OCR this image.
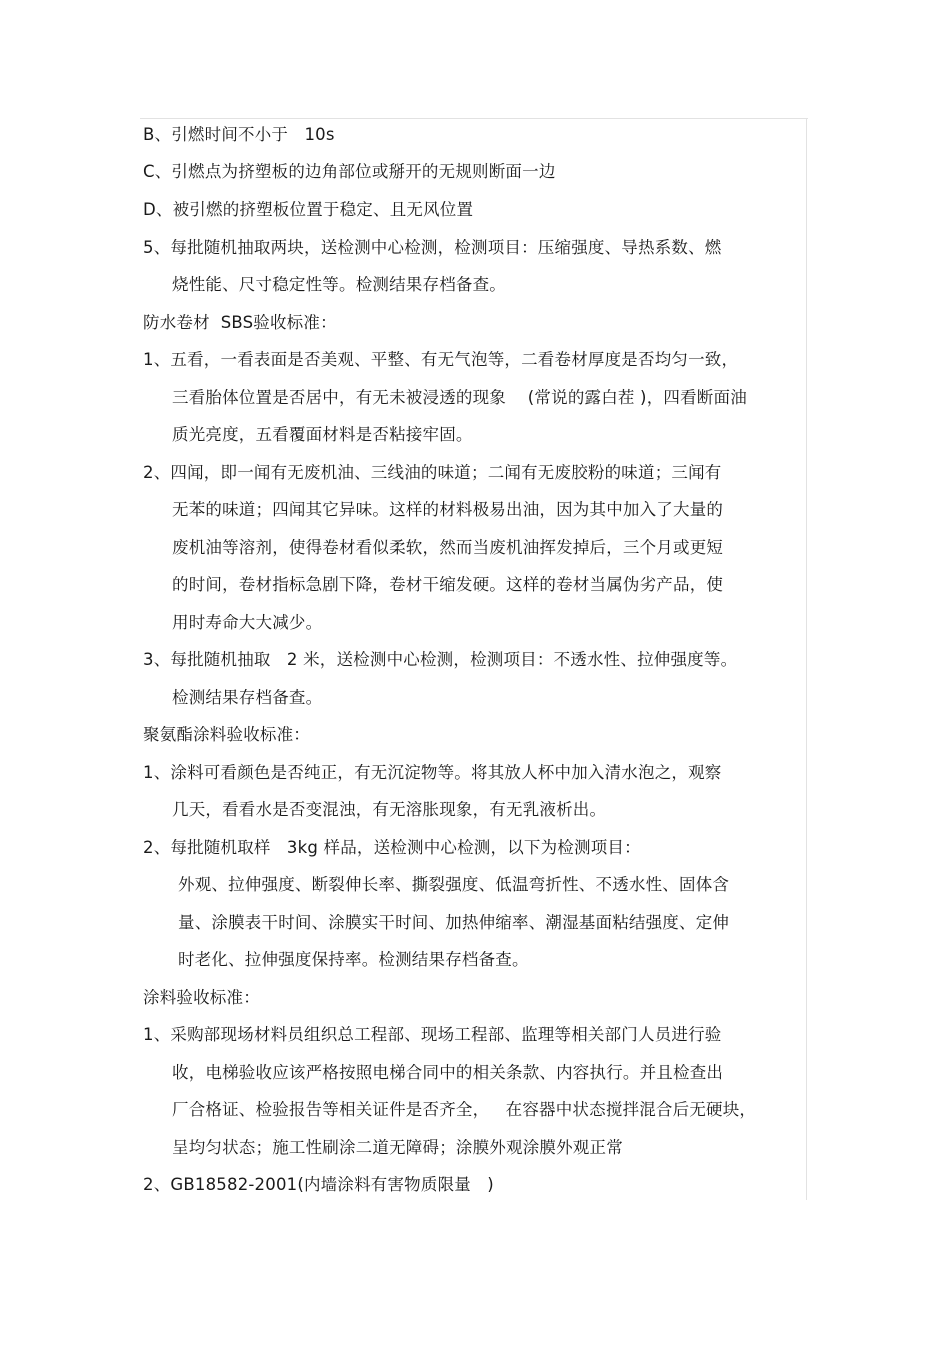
B、引燃时间不小于   10s
C、引燃点为挤塑板的边角部位或掰开的无规则断面一边
D、被引燃的挤塑板位置于稳定、且无风位置
5、每批随机抽取两块，送检测中心检测，检测项目：压缩强度、导热系数、燃
烧性能、尺寸稳定性等。检测结果存档备查。
防水卷材  SBS验收标准：
1、五看，一看表面是否美观、平整、有无气泡等，二看卷材厚度是否均匀一致，
三看胎体位置是否居中，有无未被浸透的现象    (常说的露白茬 )，四看断面油
质光亮度，五看覆面材料是否粘接牢固。
2、四闻，即一闻有无废机油、三线油的味道；二闻有无废胶粉的味道；三闻有
无苯的味道；四闻其它异味。这样的材料极易出油，因为其中加入了大量的
废机油等溶剂，使得卷材看似柔软，然而当废机油挥发掉后，三个月或更短
的时间，卷材指标急剧下降，卷材干缩发硬。这样的卷材当属伪劣产品，使
用时寿命大大减少。
3、每批随机抽取   2 米，送检测中心检测，检测项目：不透水性、拉伸强度等。
检测结果存档备查。
聚氨酯涂料验收标准：
1、涂料可看颜色是否纯正，有无沉淀物等。将其放人杯中加入清水泡之，观察
几天，看看水是否变混浊，有无溶胀现象，有无乳液析出。
2、每批随机取样   3kg 样品，送检测中心检测，以下为检测项目：
外观、拉伸强度、断裂伸长率、撕裂强度、低温弯折性、不透水性、固体含
量、涂膜表干时间、涂膜实干时间、加热伸缩率、潮湿基面粘结强度、定伸
时老化、拉伸强度保持率。检测结果存档备查。
涂料验收标准：
1、采购部现场材料员组织总工程部、现场工程部、监理等相关部门人员进行验
收，电梯验收应该严格按照电梯合同中的相关条款、内容执行。并且检查出
厂合格证、检验报告等相关证件是否齐全，   在容器中状态搅拌混合后无硬块，
呈均匀状态；施工性刷涂二道无障碍；涂膜外观涂膜外观正常
2、GB18582-2001(内墙涂料有害物质限量   )
